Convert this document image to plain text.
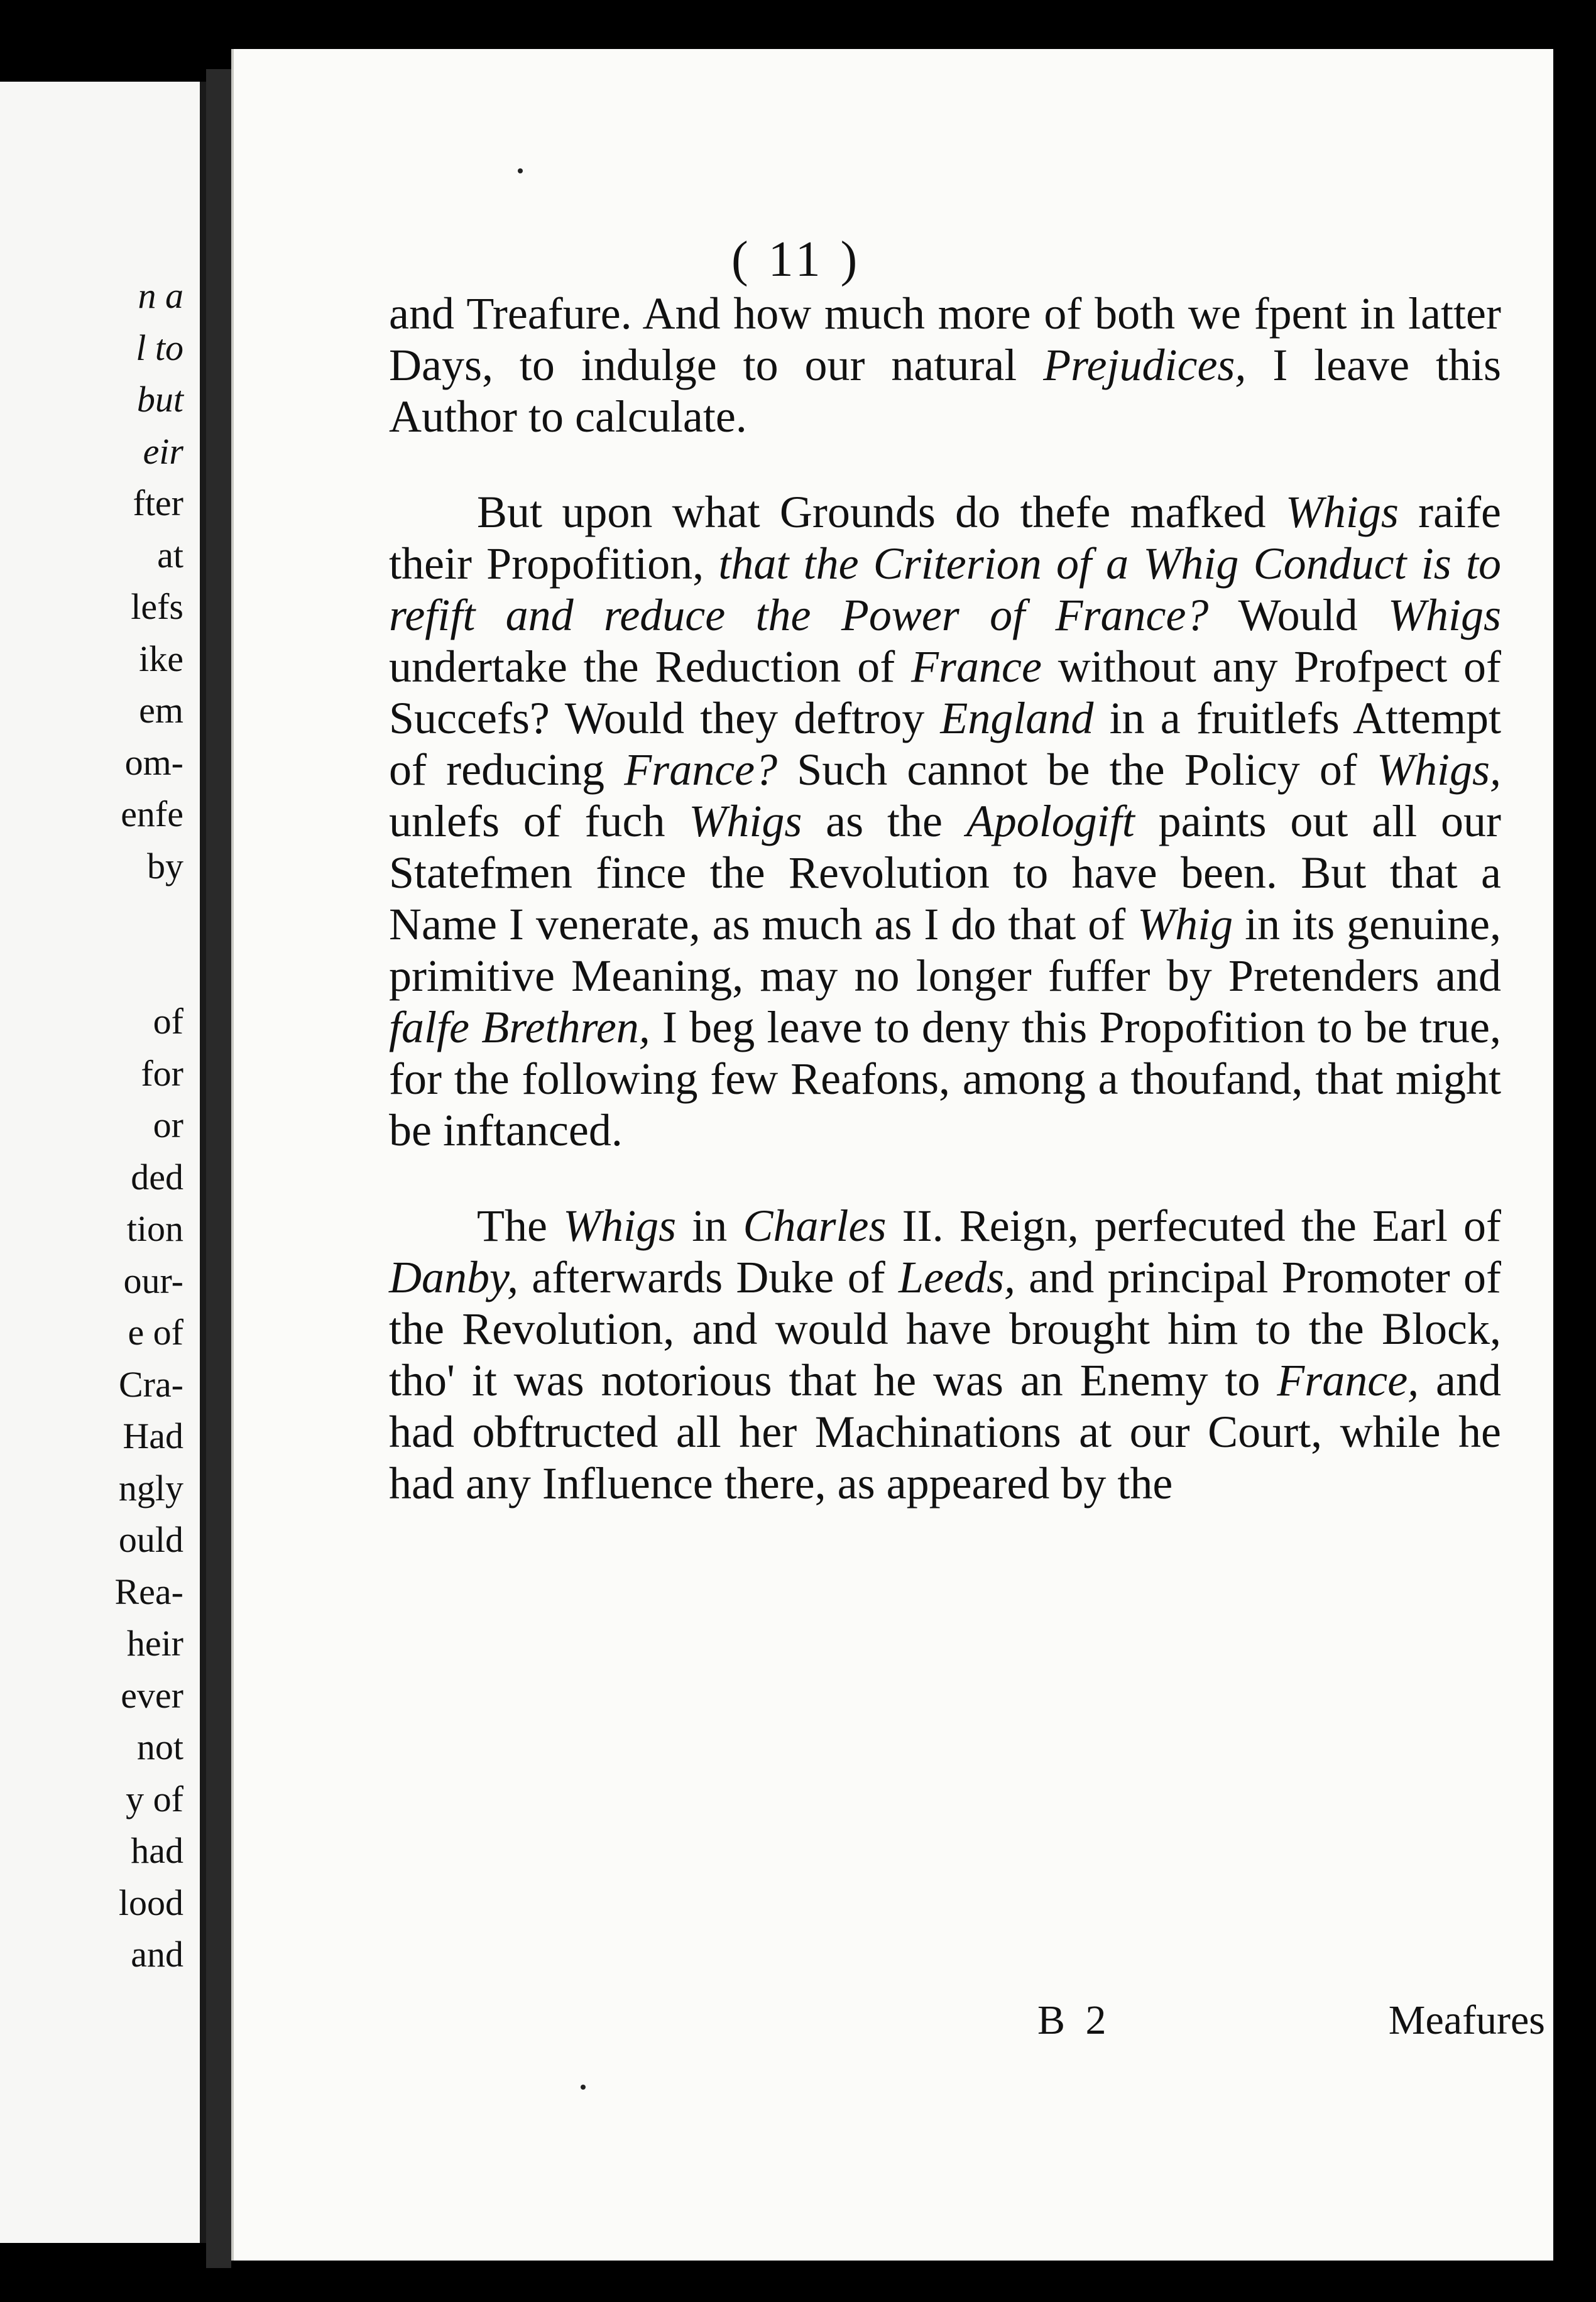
n a
l to
but
eir
fter
at
lefs
ike
em
om-
enfe
by
of
for
or
ded
tion
our-
e of
Cra-
Had
ngly
ould
Rea-
heir
ever
not
y of
had
lood
and
( 11 )

and Treafure. And how much more of both we fpent in latter Days, to indulge to our natural Prejudices, I leave this Author to calculate.

But upon what Grounds do thefe mafked Whigs raife their Propofition, that the Criterion of a Whig Conduct is to refift and reduce the Power of France? Would Whigs undertake the Reduction of France without any Profpect of Succefs? Would they deftroy England in a fruitlefs Attempt of reducing France? Such cannot be the Policy of Whigs, unlefs of fuch Whigs as the Apologift paints out all our Statefmen fince the Revolution to have been. But that a Name I venerate, as much as I do that of Whig in its genuine, primitive Meaning, may no longer fuffer by Pretenders and falfe Brethren, I beg leave to deny this Propofition to be true, for the following few Reafons, among a thoufand, that might be inftanced.

The Whigs in Charles II. Reign, perfecuted the Earl of Danby, afterwards Duke of Leeds, and principal Promoter of the Revolution, and would have brought him to the Block, tho' it was notorious that he was an Enemy to France, and had obftructed all her Machinations at our Court, while he had any Influence there, as appeared by the

B 2	Meafures
